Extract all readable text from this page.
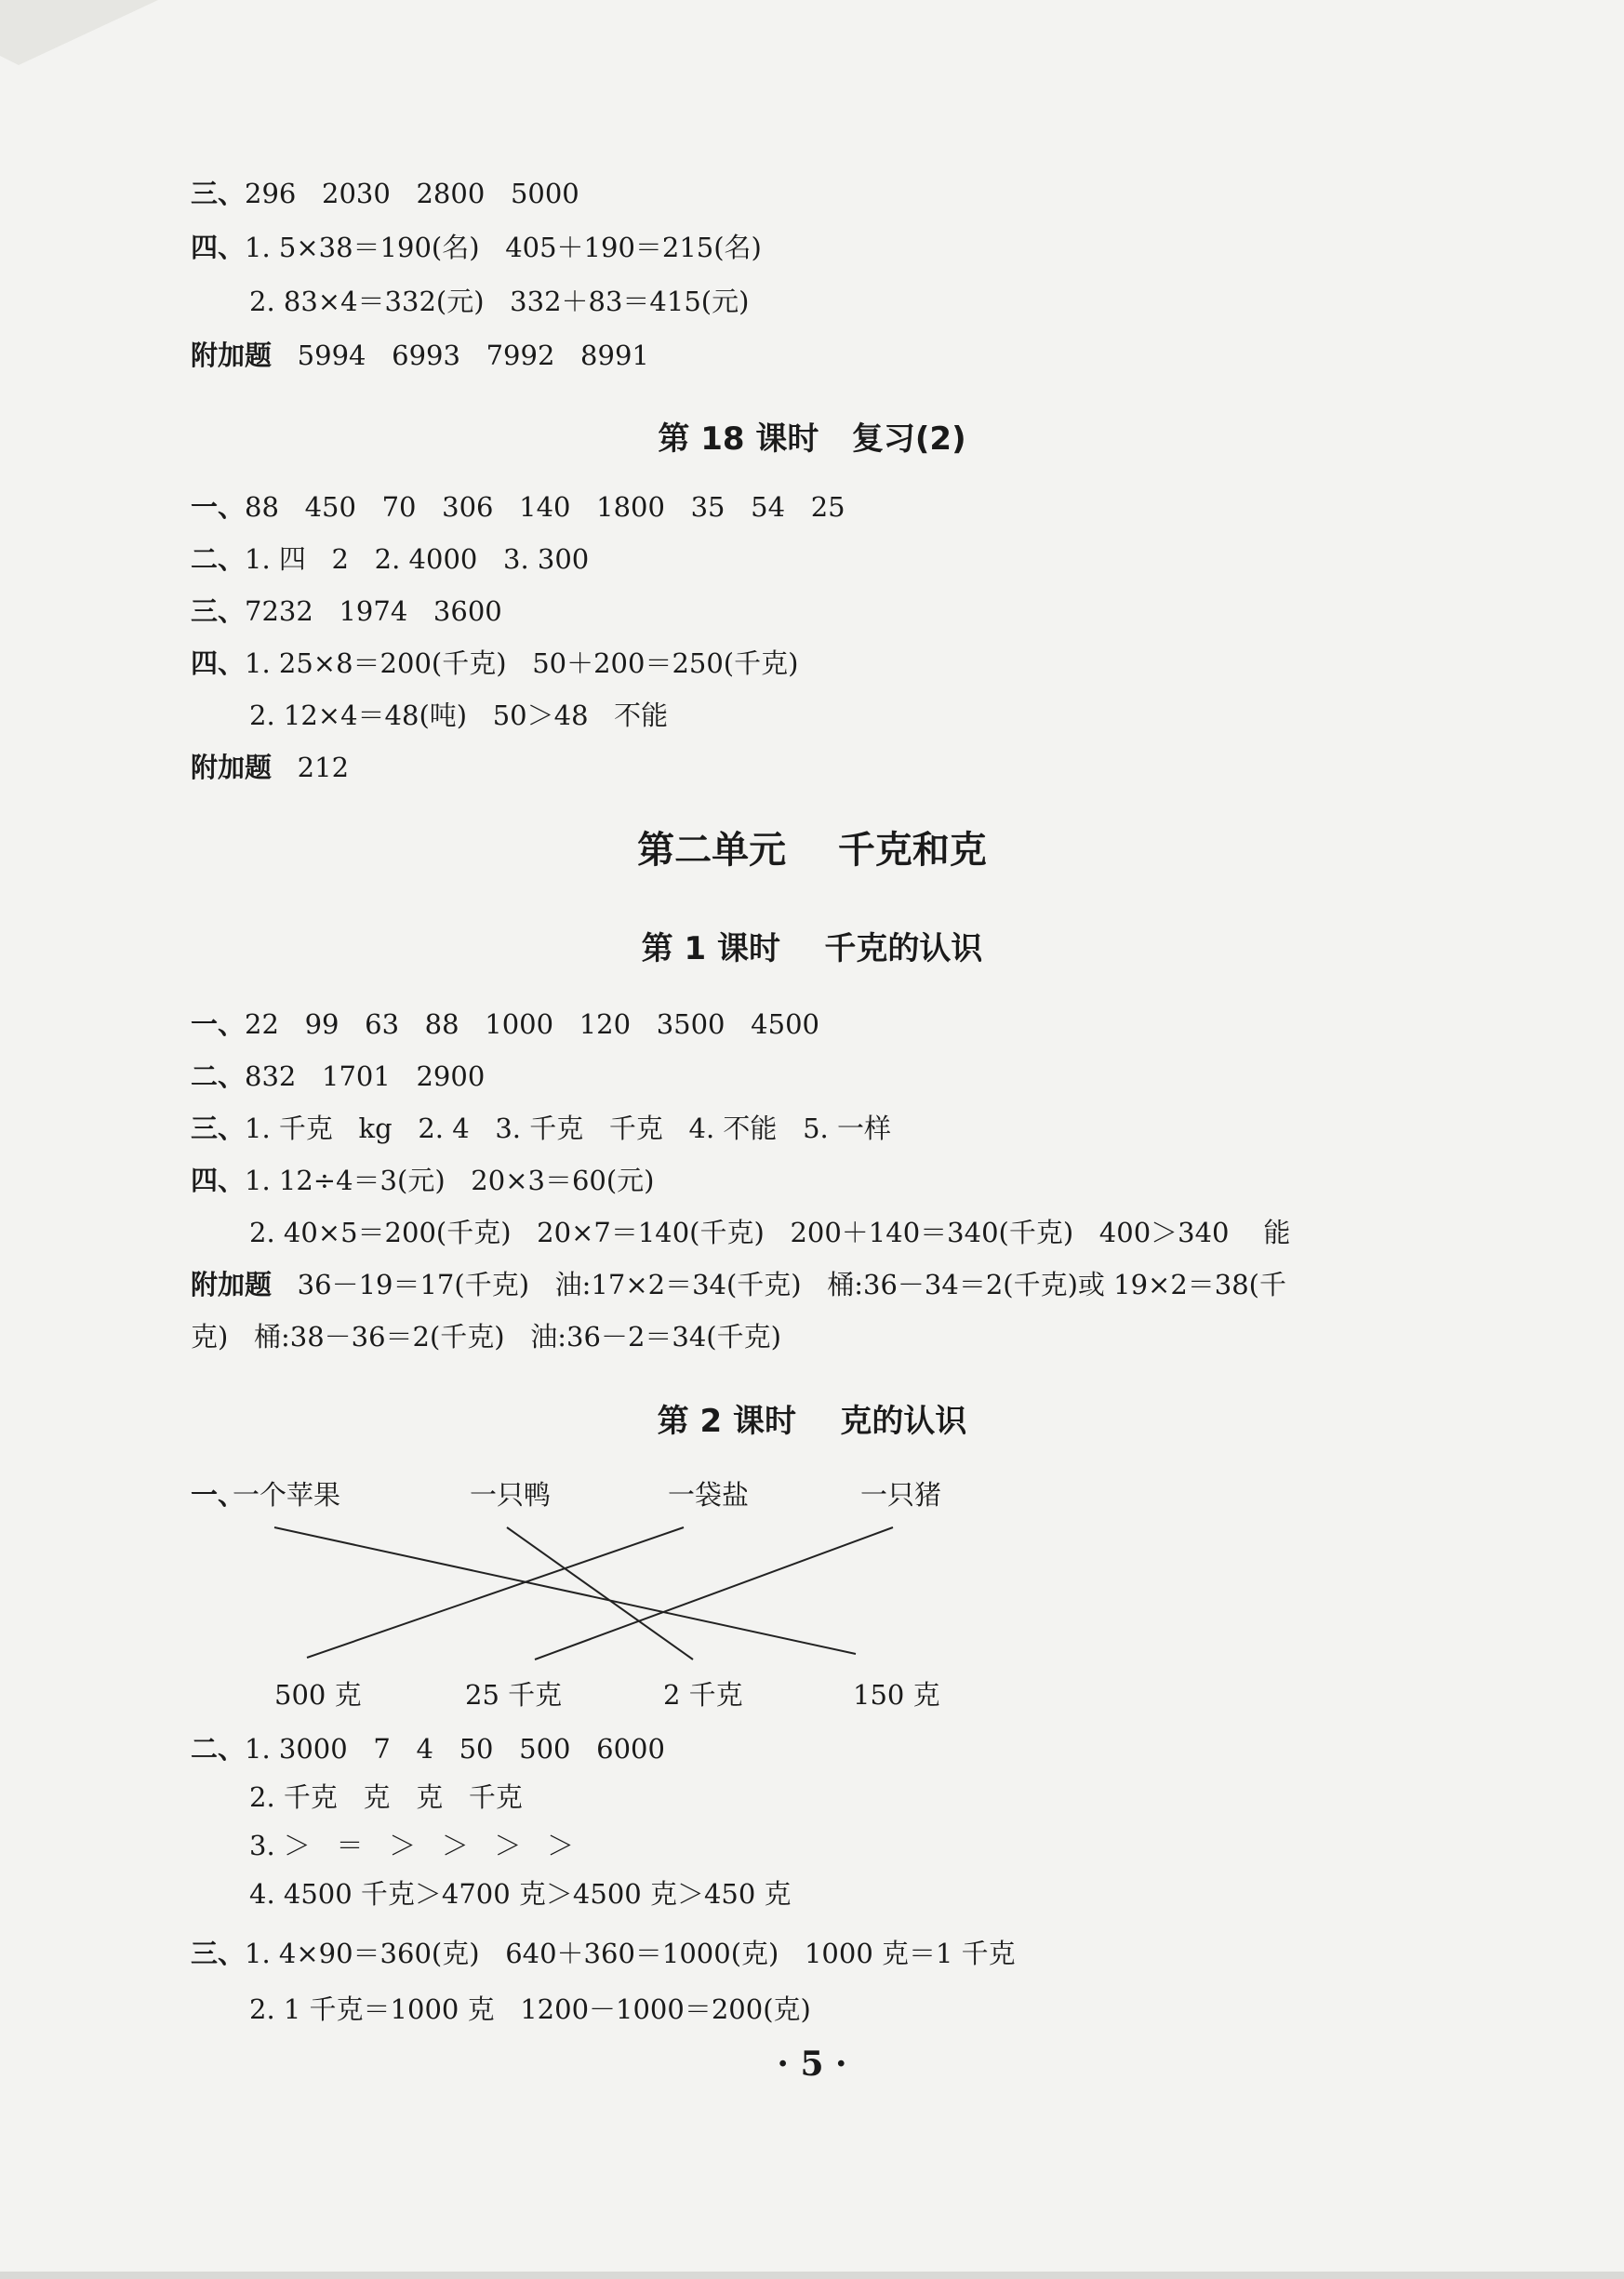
三、296   2030   2800   5000
四、1. 5×38＝190(名)   405＋190＝215(名)
2. 83×4＝332(元)   332＋83＝415(元)
附加题   5994   6993   7992   8991
第 18 课时   复习(2)
一、88   450   70   306   140   1800   35   54   25
二、1. 四   2   2. 4000   3. 300
三、7232   1974   3600
四、1. 25×8＝200(千克)   50＋200＝250(千克)
2. 12×4＝48(吨)   50＞48   不能
附加题   212
第二单元    千克和克
第 1 课时    千克的认识
一、22   99   63   88   1000   120   3500   4500
二、832   1701   2900
三、1. 千克   kg   2. 4   3. 千克   千克   4. 不能   5. 一样
四、1. 12÷4＝3(元)   20×3＝60(元)
2. 40×5＝200(千克)   20×7＝140(千克)   200＋140＝340(千克)   400＞340    能
附加题   36－19＝17(千克)   油:17×2＝34(千克)   桶:36－34＝2(千克)或 19×2＝38(千
克)   桶:38－36＝2(千克)   油:36－2＝34(千克)
第 2 课时    克的认识
一、
一个苹果	一只鸭	一袋盐	一只猪
500 克	25 千克	2 千克	150 克
二、1. 3000   7   4   50   500   6000
2. 千克   克   克   千克
3. ＞   ＝   ＞   ＞   ＞   ＞
4. 4500 千克＞4700 克＞4500 克＞450 克
三、1. 4×90＝360(克)   640＋360＝1000(克)   1000 克＝1 千克
2. 1 千克＝1000 克   1200－1000＝200(克)
· 5 ·
